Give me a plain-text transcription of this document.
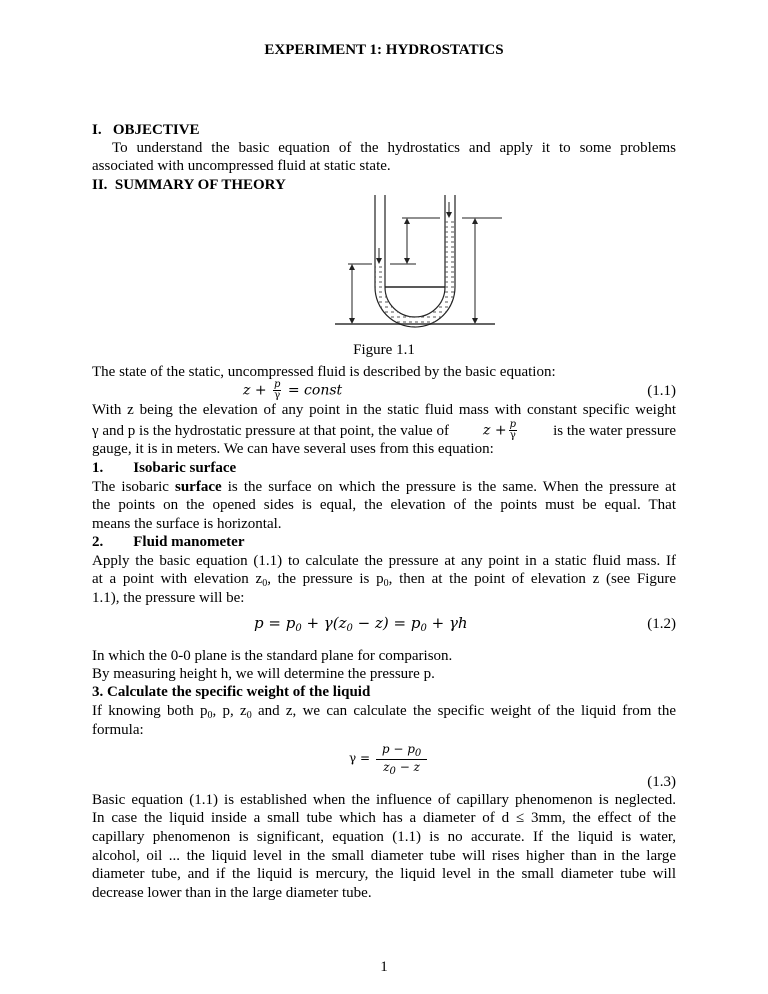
EXPERIMENT 1: HYDROSTATICS
I.   OBJECTIVE
To understand the basic equation of the hydrostatics and apply it to some problems
associated with uncompressed fluid at static state.
II.  SUMMARY OF THEORY
Figure 1.1
The state of the static, uncompressed fluid is described by the basic equation:
$z + \frac{p}{\gamma}$ = const	(1.1)
With z being the elevation of any point in the static fluid mass with constant specific weight
γ and p is the hydrostatic pressure at that point, the value of $z + \frac{p}{\gamma}$ is the water pressure
gauge, it is in meters. We can have several uses from this equation:
1.        Isobaric surface
The isobaric surface is the surface on which the pressure is the same. When the pressure at
the points on the opened sides is equal, the elevation of the points must be equal. That
means the surface is horizontal.
2.        Fluid manometer
Apply the basic equation (1.1) to calculate the pressure at any point in a static fluid mass. If
at a point with elevation $z_0$, the pressure is $p_0$, then at the point of elevation z (see Figure
1.1), the pressure will be:
$p = p_0 + \gamma(z_0 - z) = p_0 + \gamma h$	(1.2)
In which the 0-0 plane is the standard plane for comparison.
By measuring height h, we will determine the pressure p.
3. Calculate the specific weight of the liquid
If knowing both $p_0$, p, $z_0$ and z, we can calculate the specific weight of the liquid from the
formula:
$\gamma = \frac{p - p_0}{z_0 - z}$
(1.3)
Basic equation (1.1) is established when the influence of capillary phenomenon is neglected.
In case the liquid inside a small tube which has a diameter of d ≤ 3mm, the effect of the
capillary phenomenon is significant, equation (1.1) is no accurate. If the liquid is water,
alcohol, oil ... the liquid level in the small diameter tube will rises higher than in the large
diameter tube, and if the liquid is mercury, the liquid level in the small diameter tube will
decrease lower than in the large diameter tube.
1
